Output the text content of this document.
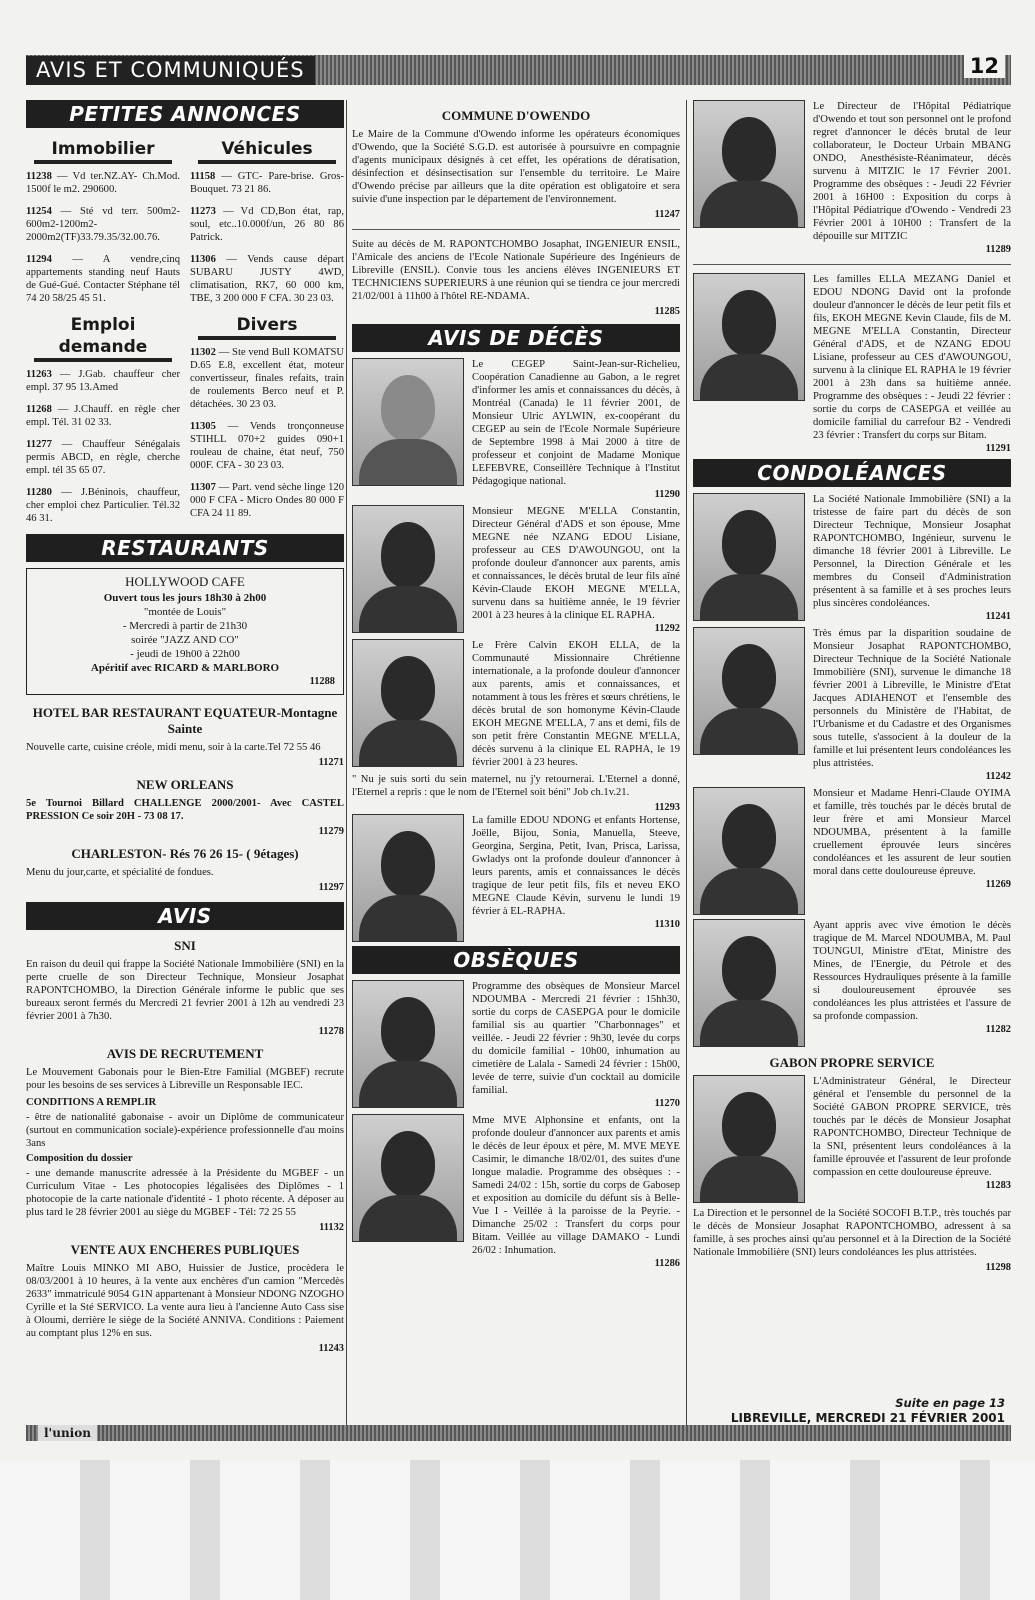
AVIS ET COMMUNIQUÉS	12
PETITES ANNONCES
Immobilier
11238 — Vd ter.NZ.AY- Ch.Mod. 1500f le m2. 290600.
11254 — Sté vd terr. 500m2- 600m2-1200m2- 2000m2(TF)33.79.35/32.00.76.
11294 — A vendre,cinq appartements standing neuf Hauts de Gué-Gué. Contacter Stéphane tél 74 20 58/25 45 51.
Emploi demande
11263 — J.Gab. chauffeur cher empl. 37 95 13.Amed
11268 — J.Chauff. en règle cher empl. Tél. 31 02 33.
11277 — Chauffeur Sénégalais permis ABCD, en règle, cherche empl. tél 35 65 07.
11280 — J.Béninois, chauffeur, cher emploi chez Particulier. Tél.32 46 31.
Véhicules
11158 — GTC- Pare-brise. Gros-Bouquet. 73 21 86.
11273 — Vd CD,Bon état, rap, soul, etc..10.000f/un, 26 80 86 Patrick.
11306 — Vends cause départ SUBARU JUSTY 4WD, climatisation, RK7, 60 000 km, TBE, 3 200 000 F CFA. 30 23 03.
Divers
11302 — Ste vend Bull KOMATSU D.65 E.8, excellent état, moteur convertisseur, finales refaits, train de roulements Berco neuf et P. détachées. 30 23 03.
11305 — Vends tronçonneuse STIHLL 070+2 guides 090+1 rouleau de chaine, état neuf, 750 000F. CFA - 30 23 03.
11307 — Part. vend sèche linge 120 000 F CFA - Micro Ondes 80 000 F CFA 24 11 89.
RESTAURANTS
HOLLYWOOD CAFE
Ouvert tous les jours 18h30 à 2h00
"montée de Louis"
- Mercredi à partir de 21h30
soirée "JAZZ AND CO"
- jeudi de 19h00 à 22h00
Apéritif avec RICARD & MARLBORO
11288
HOTEL BAR RESTAURANT EQUATEUR-Montagne Sainte
Nouvelle carte, cuisine créole, midi menu, soir à la carte.Tel 72 55 46
11271
NEW ORLEANS
5e Tournoi Billard CHALLENGE 2000/2001- Avec CASTEL PRESSION Ce soir 20H - 73 08 17.
11279
CHARLESTON- Rés 76 26 15- ( 9étages)
Menu du jour,carte, et spécialité de fondues.
11297
AVIS
SNI
En raison du deuil qui frappe la Société Nationale Immobilière (SNI) en la perte cruelle de son Directeur Technique, Monsieur Josaphat RAPONTCHOMBO, la Direction Générale informe le public que ses bureaux seront fermés du Mercredi 21 fevrier 2001 à 12h au vendredi 23 février 2001 à 7h30.
11278
AVIS DE RECRUTEMENT
Le Mouvement Gabonais pour le Bien-Etre Familial (MGBEF) recrute pour les besoins de ses services à Libreville un Responsable IEC.
CONDITIONS A REMPLIR
- être de nationalité gabonaise - avoir un Diplôme de communicateur (surtout en communication sociale)-expérience professionnelle d'au moins 3ans
Composition du dossier
- une demande manuscrite adressée à la Présidente du MGBEF - un Curriculum Vitae - Les photocopies légalisées des Diplômes - 1 photocopie de la carte nationale d'identité - 1 photo récente. A déposer au plus tard le 28 février 2001 au siège du MGBEF - Tél: 72 25 55
11132
VENTE AUX ENCHERES PUBLIQUES
Maître Louis MINKO MI ABO, Huissier de Justice, procèdera le 08/03/2001 à 10 heures, à la vente aux enchères d'un camion "Mercedès 2633" immatriculé 9054 G1N appartenant à Monsieur NDONG NZOGHO Cyrille et la Sté SERVICO. La vente aura lieu à l'ancienne Auto Cass sise à Oloumi, derrière le siège de la Société ANNIVA. Conditions : Paiement au comptant plus 12% en sus.
11243
COMMUNE D'OWENDO
Le Maire de la Commune d'Owendo informe les opérateurs économiques d'Owendo, que la Société S.G.D. est autorisée à poursuivre en compagnie d'agents municipaux désignés à cet effet, les opérations de dératisation, désinfection et désinsectisation sur l'ensemble du territoire. Le Maire d'Owendo précise par ailleurs que la dite opération est obligatoire et sera suivie d'une inspection par le département de l'environnement.
11247
Suite au décès de M. RAPONTCHOMBO Josaphat, INGENIEUR ENSIL, l'Amicale des anciens de l'Ecole Nationale Supérieure des Ingénieurs de Libreville (ENSIL). Convie tous les anciens élèves INGENIEURS ET TECHNICIENS SUPERIEURS à une réunion qui se tiendra ce jour mercredi 21/02/001 à 11h00 à l'hôtel RE-NDAMA.
11285
AVIS DE DÉCÈS
Le CEGEP Saint-Jean-sur-Richelieu, Coopération Canadienne au Gabon, a le regret d'informer les amis et connaissances du décès, à Montréal (Canada) le 11 février 2001, de Monsieur Ulric AYLWIN, ex-coopérant du CEGEP au sein de l'Ecole Normale Supérieure de Septembre 1998 à Mai 2000 à titre de professeur et conjoint de Madame Monique LEFEBVRE, Conseillère Technique à l'Institut Pédagogique national.
11290
Monsieur MEGNE M'ELLA Constantin, Directeur Général d'ADS et son épouse, Mme MEGNE née NZANG EDOU Lisiane, professeur au CES D'AWOUNGOU, ont la profonde douleur d'annoncer aux parents, amis et connaissances, le décès brutal de leur fils aîné Kévin-Claude EKOH MEGNE M'ELLA, survenu dans sa huitième année, le 19 février 2001 à 23 heures à la clinique EL RAPHA.
11292
Le Frère Calvin EKOH ELLA, de la Communauté Missionnaire Chrétienne internationale, a la profonde douleur d'annoncer aux parents, amis et connaissances, et notamment à tous les frères et sœurs chrétiens, le décès brutal de son homonyme Kévin-Claude EKOH MEGNE M'ELLA, 7 ans et demi, fils de son petit frère Constantin MEGNE M'ELLA, décès survenu à la clinique EL RAPHA, le 19 février 2001 à 23 heures.
" Nu je suis sorti du sein maternel, nu j'y retournerai. L'Eternel a donné, l'Eternel a repris : que le nom de l'Eternel soit béni" Job ch.1v.21.
11293
La famille EDOU NDONG et enfants Hortense, Joëlle, Bijou, Sonia, Manuella, Steeve, Georgina, Sergina, Petit, Ivan, Prisca, Larissa, Gwladys ont la profonde douleur d'annoncer à leurs parents, amis et connaissances le décès tragique de leur petit fils, fils et neveu EKO MEGNE Claude Kévin, survenu le lundi 19 février à EL-RAPHA.
11310
OBSÈQUES
Programme des obsèques de Monsieur Marcel NDOUMBA - Mercredi 21 février : 15hh30, sortie du corps de CASEPGA pour le domicile familial sis au quartier "Charbonnages" et veillée. - Jeudi 22 février : 9h30, levée du corps du domicile familial - 10h00, inhumation au cimetière de Lalala - Samedi 24 février : 15h00, levée de terre, suivie d'un cocktail au domicile familial.
11270
Mme MVE Alphonsine et enfants, ont la profonde douleur d'annoncer aux parents et amis le décès de leur époux et père, M. MVE MEYE Casimir, le dimanche 18/02/01, des suites d'une longue maladie. Programme des obsèques : - Samedi 24/02 : 15h, sortie du corps de Gabosep et exposition au domicile du défunt sis à Belle-Vue I - Veillée à la paroisse de la Peyrie. - Dimanche 25/02 : Transfert du corps pour Bitam. Veillée au village DAMAKO - Lundi 26/02 : Inhumation.
11286
Le Directeur de l'Hôpital Pédiatrique d'Owendo et tout son personnel ont le profond regret d'annoncer le décès brutal de leur collaborateur, le Docteur Urbain MBANG ONDO, Anesthésiste-Réanimateur, décès survenu à MITZIC le 17 Février 2001. Programme des obsèques : - Jeudi 22 Février 2001 à 16H00 : Exposition du corps à l'Hôpital Pédiatrique d'Owendo - Vendredi 23 Février 2001 à 10H00 : Transfert de la dépouille sur MITZIC
11289
Les familles ELLA MEZANG Daniel et EDOU NDONG David ont la profonde douleur d'annoncer le décès de leur petit fils et fils, EKOH MEGNE Kevin Claude, fils de M. MEGNE M'ELLA Constantin, Directeur Général d'ADS, et de NZANG EDOU Lisiane, professeur au CES d'AWOUNGOU, survenu à la clinique EL RAPHA le 19 février 2001 à 23h dans sa huitième année. Programme des obsèques : - Jeudi 22 février : sortie du corps de CASEPGA et veillée au domicile familial du carrefour B2 - Vendredi 23 février : Transfert du corps sur Bitam.
11291
CONDOLÉANCES
La Société Nationale Immobilière (SNI) a la tristesse de faire part du décès de son Directeur Technique, Monsieur Josaphat RAPONTCHOMBO, Ingénieur, survenu le dimanche 18 février 2001 à Libreville. Le Personnel, la Direction Générale et les membres du Conseil d'Administration présentent à sa famille et à ses proches leurs plus sincères condoléances.
11241
Très émus par la disparition soudaine de Monsieur Josaphat RAPONTCHOMBO, Directeur Technique de la Société Nationale Immobilière (SNI), survenue le dimanche 18 février 2001 à Libreville, le Ministre d'Etat Jacques ADIAHENOT et l'ensemble des personnels du Ministère de l'Habitat, de l'Urbanisme et du Cadastre et des Organismes sous tutelle, s'associent à la douleur de la famille et lui présentent leurs condoléances les plus attristées.
11242
Monsieur et Madame Henri-Claude OYIMA et famille, très touchés par le décès brutal de leur frère et ami Monsieur Marcel NDOUMBA, présentent à la famille cruellement éprouvée leurs sincères condoléances et les assurent de leur soutien moral dans cette douloureuse épreuve.
11269
Ayant appris avec vive émotion le décès tragique de M. Marcel NDOUMBA, M. Paul TOUNGUI, Ministre d'Etat, Ministre des Mines, de l'Energie, du Pétrole et des Ressources Hydrauliques présente à la famille si douloureusement éprouvée ses condoléances les plus attristées et l'assure de sa profonde compassion.
11282
GABON PROPRE SERVICE
L'Administrateur Général, le Directeur général et l'ensemble du personnel de la Société GABON PROPRE SERVICE, très touchés par le décès de Monsieur Josaphat RAPONTCHOMBO, Directeur Technique de la SNI, présentent leurs condoléances à la famille éprouvée et l'assurent de leur profonde compassion en cette douloureuse épreuve.
11283
La Direction et le personnel de la Société SOCOFI B.T.P., très touchés par le décès de Monsieur Josaphat RAPONTCHOMBO, adressent à sa famille, à ses proches ainsi qu'au personnel et à la Direction de la Société Nationale Immobilière (SNI) leurs condoléances les plus attristées.
11298
Suite en page 13
LIBREVILLE, MERCREDI 21 FÉVRIER 2001
l'union
